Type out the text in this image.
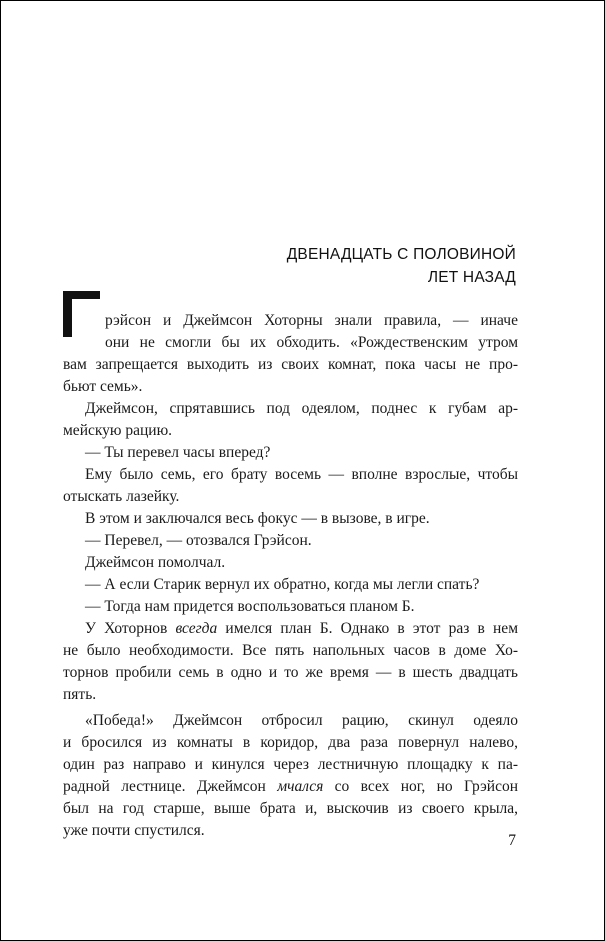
ДВЕНАДЦАТЬ С ПОЛОВИНОЙ
ЛЕТ НАЗАД
рэйсон и Джеймсон Хоторны знали правила, — иначе
они не смогли бы их обходить. «Рождественским утром
вам запрещается выходить из своих комнат, пока часы не про-
бьют семь».
Джеймсон, спрятавшись под одеялом, поднес к губам ар-
мейскую рацию.
— Ты перевел часы вперед?
Ему было семь, его брату восемь — вполне взрослые, чтобы
отыскать лазейку.
В этом и заключался весь фокус — в вызове, в игре.
— Перевел, — отозвался Грэйсон.
Джеймсон помолчал.
— А если Старик вернул их обратно, когда мы легли спать?
— Тогда нам придется воспользоваться планом Б.
У Хоторнов всегда имелся план Б. Однако в этот раз в нем
не было необходимости. Все пять напольных часов в доме Хо-
торнов пробили семь в одно и то же время — в шесть двадцать
пять.
«Победа!» Джеймсон отбросил рацию, скинул одеяло
и бросился из комнаты в коридор, два раза повернул налево,
один раз направо и кинулся через лестничную площадку к па-
радной лестнице. Джеймсон мчался со всех ног, но Грэйсон
был на год старше, выше брата и, выскочив из своего крыла,
уже почти спустился.
7
